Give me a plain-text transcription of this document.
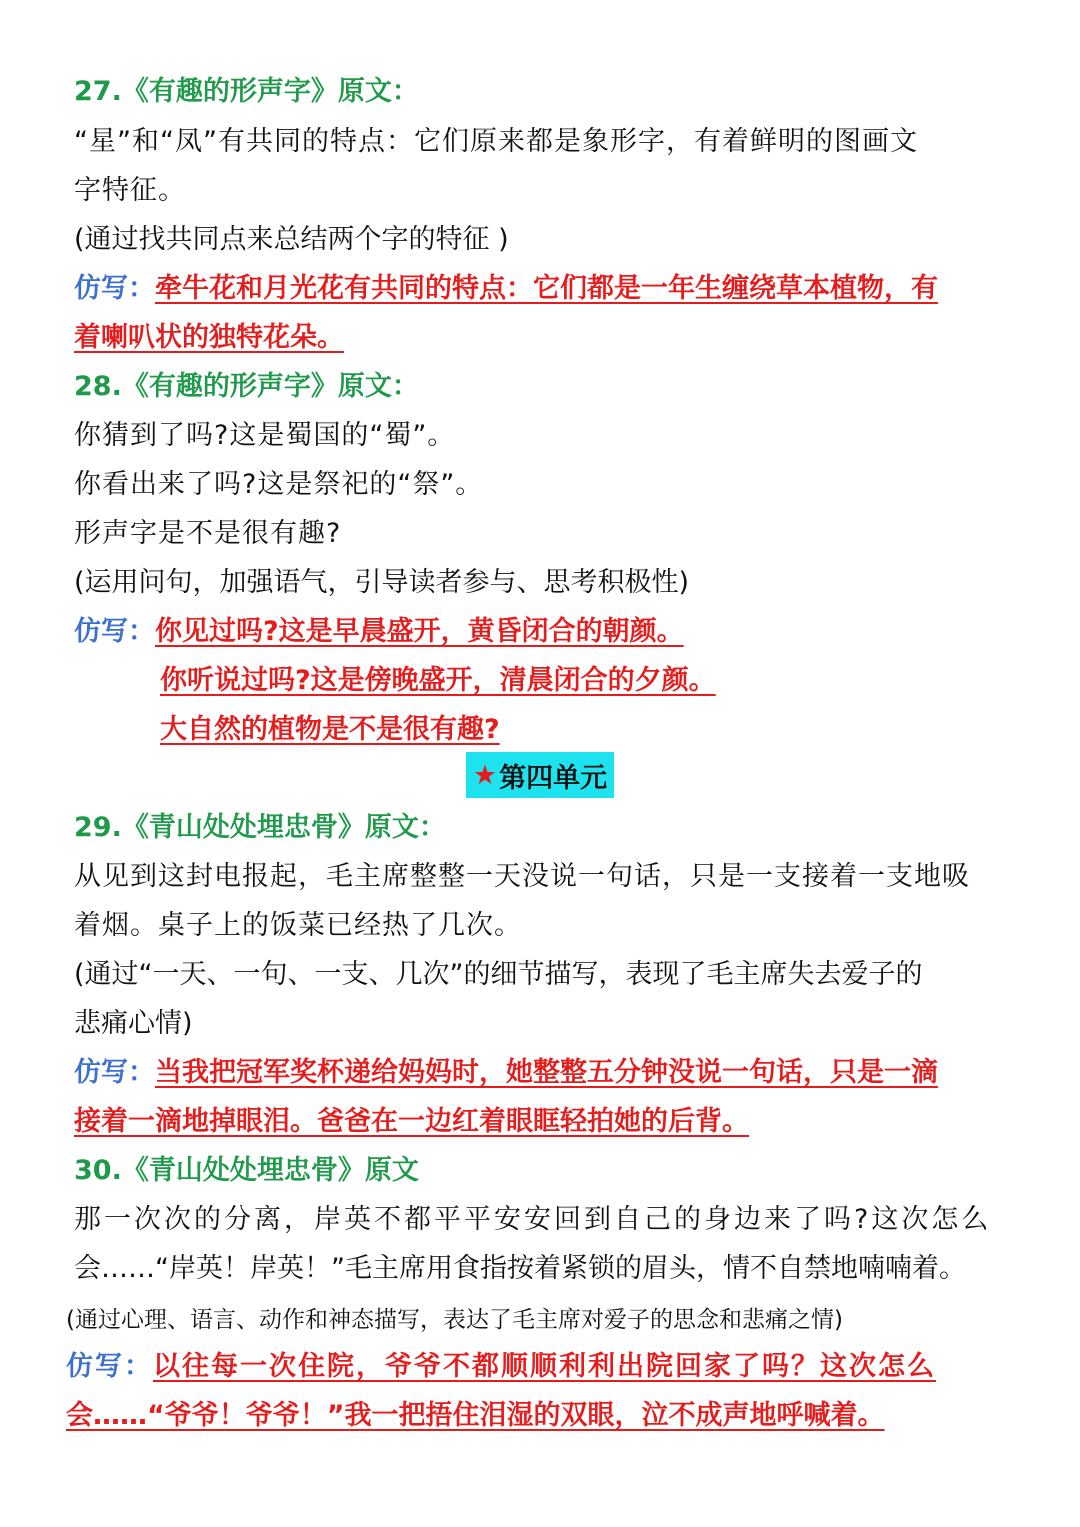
27.《有趣的形声字》原文：
“星”和“凤”有共同的特点：它们原来都是象形字，有着鲜明的图画文
字特征。
(通过找共同点来总结两个字的特征 )
仿写：牵牛花和月光花有共同的特点：它们都是一年生缠绕草本植物，有
着喇叭状的独特花朵。
28.《有趣的形声字》原文：
你猜到了吗?这是蜀国的“蜀”。
你看出来了吗?这是祭祀的“祭”。
形声字是不是很有趣?
(运用问句，加强语气，引导读者参与、思考积极性)
仿写：你见过吗?这是早晨盛开，黄昏闭合的朝颜。
你听说过吗?这是傍晚盛开，清晨闭合的夕颜。
大自然的植物是不是很有趣?
★ 第四单元
29.《青山处处埋忠骨》原文：
从见到这封电报起，毛主席整整一天没说一句话，只是一支接着一支地吸
着烟。桌子上的饭菜已经热了几次。
(通过“一天、一句、一支、几次”的细节描写，表现了毛主席失去爱子的
悲痛心情)
仿写：当我把冠军奖杯递给妈妈时，她整整五分钟没说一句话，只是一滴
接着一滴地掉眼泪。爸爸在一边红着眼眶轻拍她的后背。
30.《青山处处埋忠骨》原文
那一次次的分离，岸英不都平平安安回到自己的身边来了吗?这次怎么
会……“岸英！岸英！”毛主席用食指按着紧锁的眉头，情不自禁地喃喃着。
(通过心理、语言、动作和神态描写，表达了毛主席对爱子的思念和悲痛之情)
仿写：以往每一次住院，爷爷不都顺顺利利出院回家了吗？这次怎么
会……“爷爷！爷爷！”我一把捂住泪湿的双眼，泣不成声地呼喊着。
